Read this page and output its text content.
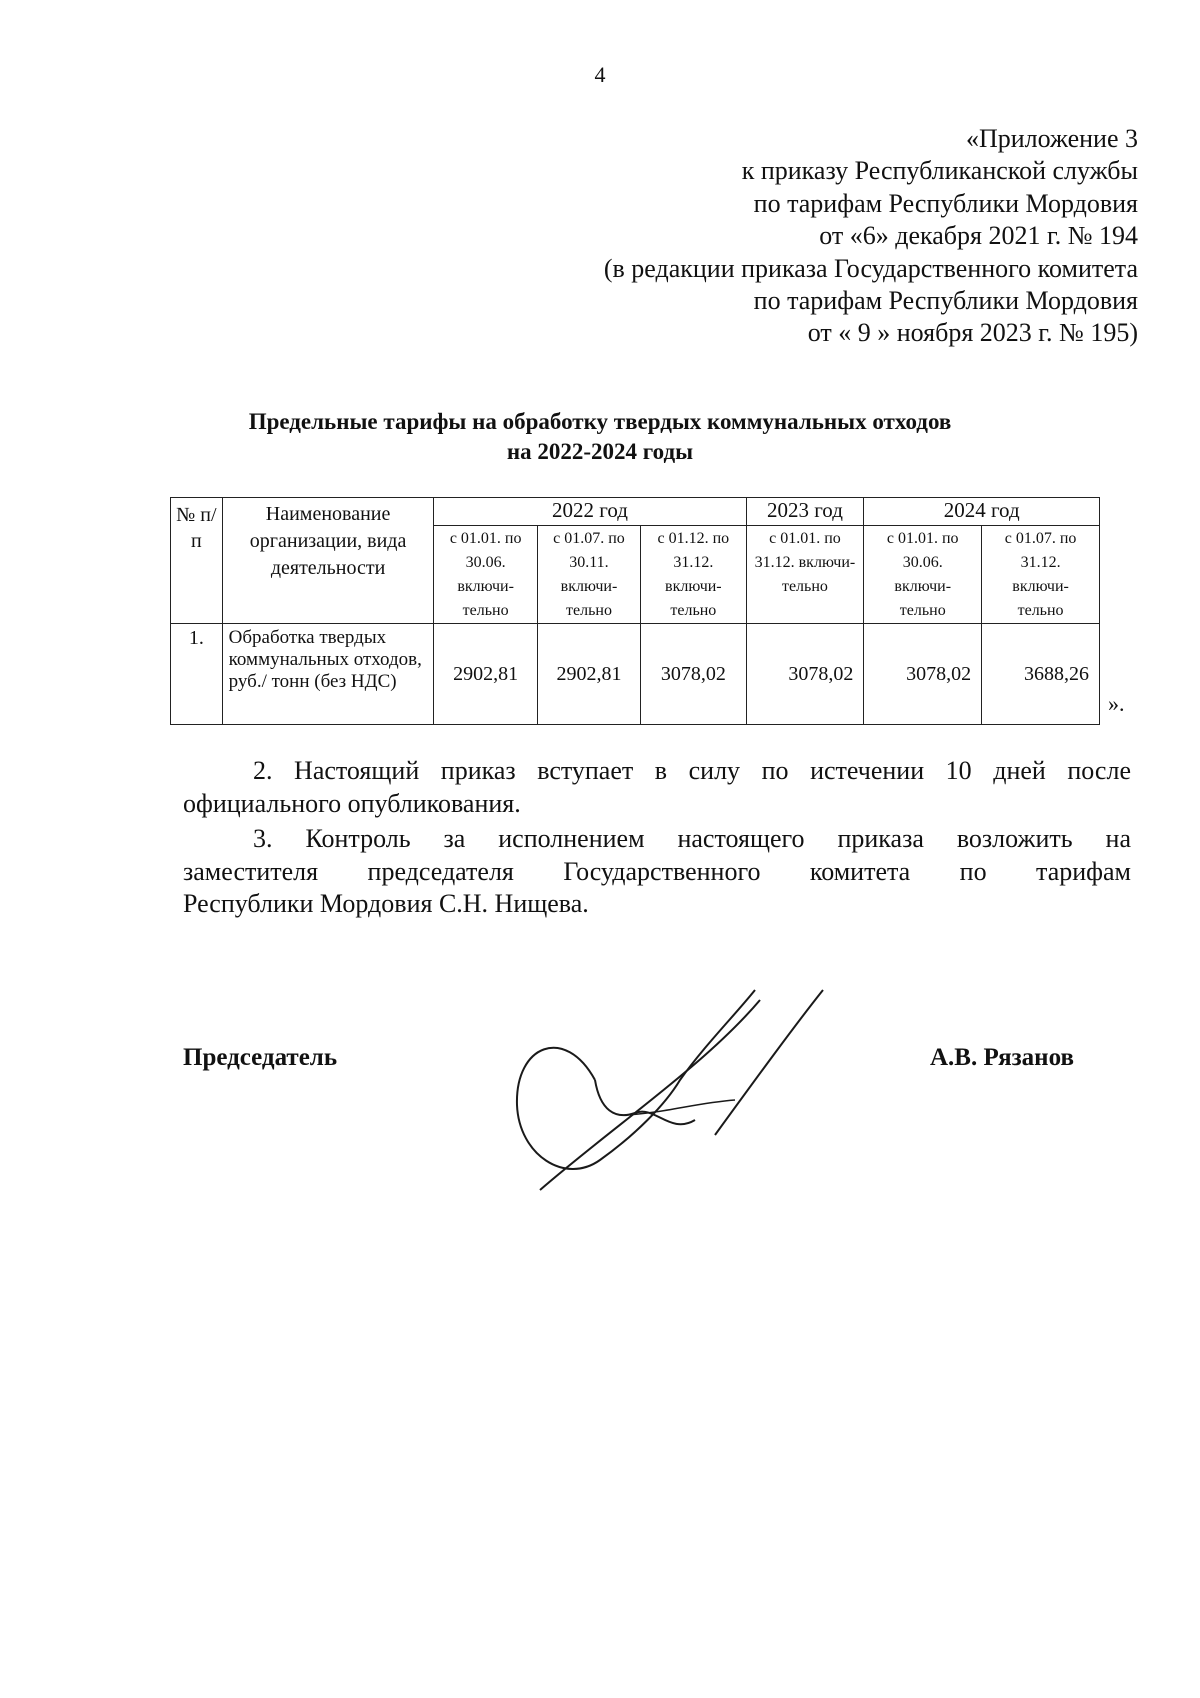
4
«Приложение 3
к приказу Республиканской службы
по тарифам Республики Мордовия
от «6» декабря 2021 г. № 194
(в редакции приказа Государственного комитета
по тарифам Республики Мордовия
от « 9 » ноября 2023 г. № 195)
Предельные тарифы на обработку твердых коммунальных отходов
на 2022-2024 годы
№ п/п	Наименование организации, вида деятельности	2022 год			2023 год	2024 год	
		с 01.01. по 30.06. включи-тельно	с 01.07. по 30.11. включи-тельно	с 01.12. по 31.12. включи-тельно	с 01.01. по 31.12. включи-тельно	с 01.01. по 30.06. включи-тельно	с 01.07. по 31.12. включи-тельно
1.	Обработка твердых коммунальных отходов, руб./ тонн (без НДС)	2902,81	2902,81	3078,02	3078,02	3078,02	3688,26
».
2. Настоящий приказ вступает в силу по истечении 10 дней после
официального опубликования.
3. Контроль за исполнением настоящего приказа возложить на
заместителя председателя Государственного комитета по тарифам
Республики Мордовия С.Н. Нищева.
Председатель	А.В. Рязанов
